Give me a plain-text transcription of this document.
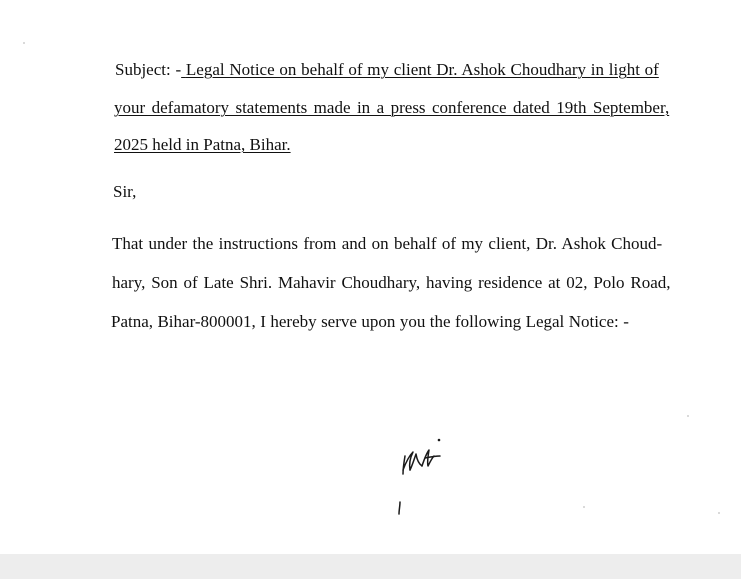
Subject: - Legal Notice on behalf of my client Dr. Ashok Choudhary in light of

your defamatory statements made in a press conference dated 19th September,

2025 held in Patna, Bihar.

Sir,

That under the instructions from and on behalf of my client, Dr. Ashok Choud-

hary, Son of Late Shri. Mahavir Choudhary, having residence at 02, Polo Road,

Patna, Bihar-800001, I hereby serve upon you the following Legal Notice: -
